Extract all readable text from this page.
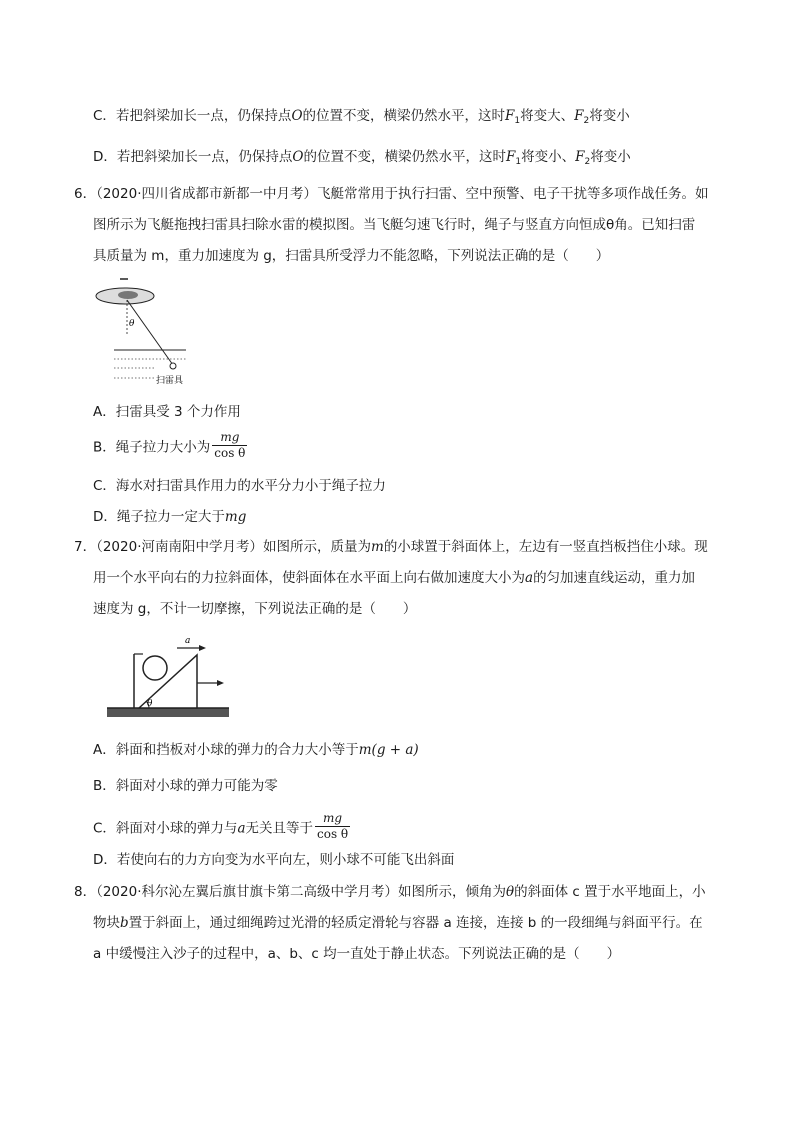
C．若把斜梁加长一点，仍保持点O的位置不变，横梁仍然水平，这时$F_1$将变大、$F_2$将变小
D．若把斜梁加长一点，仍保持点O的位置不变，横梁仍然水平，这时$F_1$将变小、$F_2$将变小
6．（2020·四川省成都市新都一中月考）飞艇常常用于执行扫雷、空中预警、电子干扰等多项作战任务。如
图所示为飞艇拖拽扫雷具扫除水雷的模拟图。当飞艇匀速飞行时，绳子与竖直方向恒成θ角。已知扫雷
具质量为 m，重力加速度为 g，扫雷具所受浮力不能忽略，下列说法正确的是（　　）
θ
扫雷具
A．扫雷具受 3 个力作用
B．绳子拉力大小为 $\frac{mg}{\text{cos θ}}$
C．海水对扫雷具作用力的水平分力小于绳子拉力
D．绳子拉力一定大于mg
7．（2020·河南南阳中学月考）如图所示，质量为m的小球置于斜面体上，左边有一竖直挡板挡住小球。现
用一个水平向右的力拉斜面体，使斜面体在水平面上向右做加速度大小为a的匀加速直线运动，重力加
速度为 g，不计一切摩擦，下列说法正确的是（　　）
θ
a
A．斜面和挡板对小球的弹力的合力大小等于m(g + a)
B．斜面对小球的弹力可能为零
C．斜面对小球的弹力与a无关且等于 $\frac{mg}{\text{cos θ}}$
D．若使向右的力方向变为水平向左，则小球不可能飞出斜面
8．（2020·科尔沁左翼后旗甘旗卡第二高级中学月考）如图所示，倾角为θ的斜面体 c 置于水平地面上，小
物块b置于斜面上，通过细绳跨过光滑的轻质定滑轮与容器 a 连接，连接 b 的一段细绳与斜面平行。在
a 中缓慢注入沙子的过程中，a、b、c 均一直处于静止状态。下列说法正确的是（　　）
